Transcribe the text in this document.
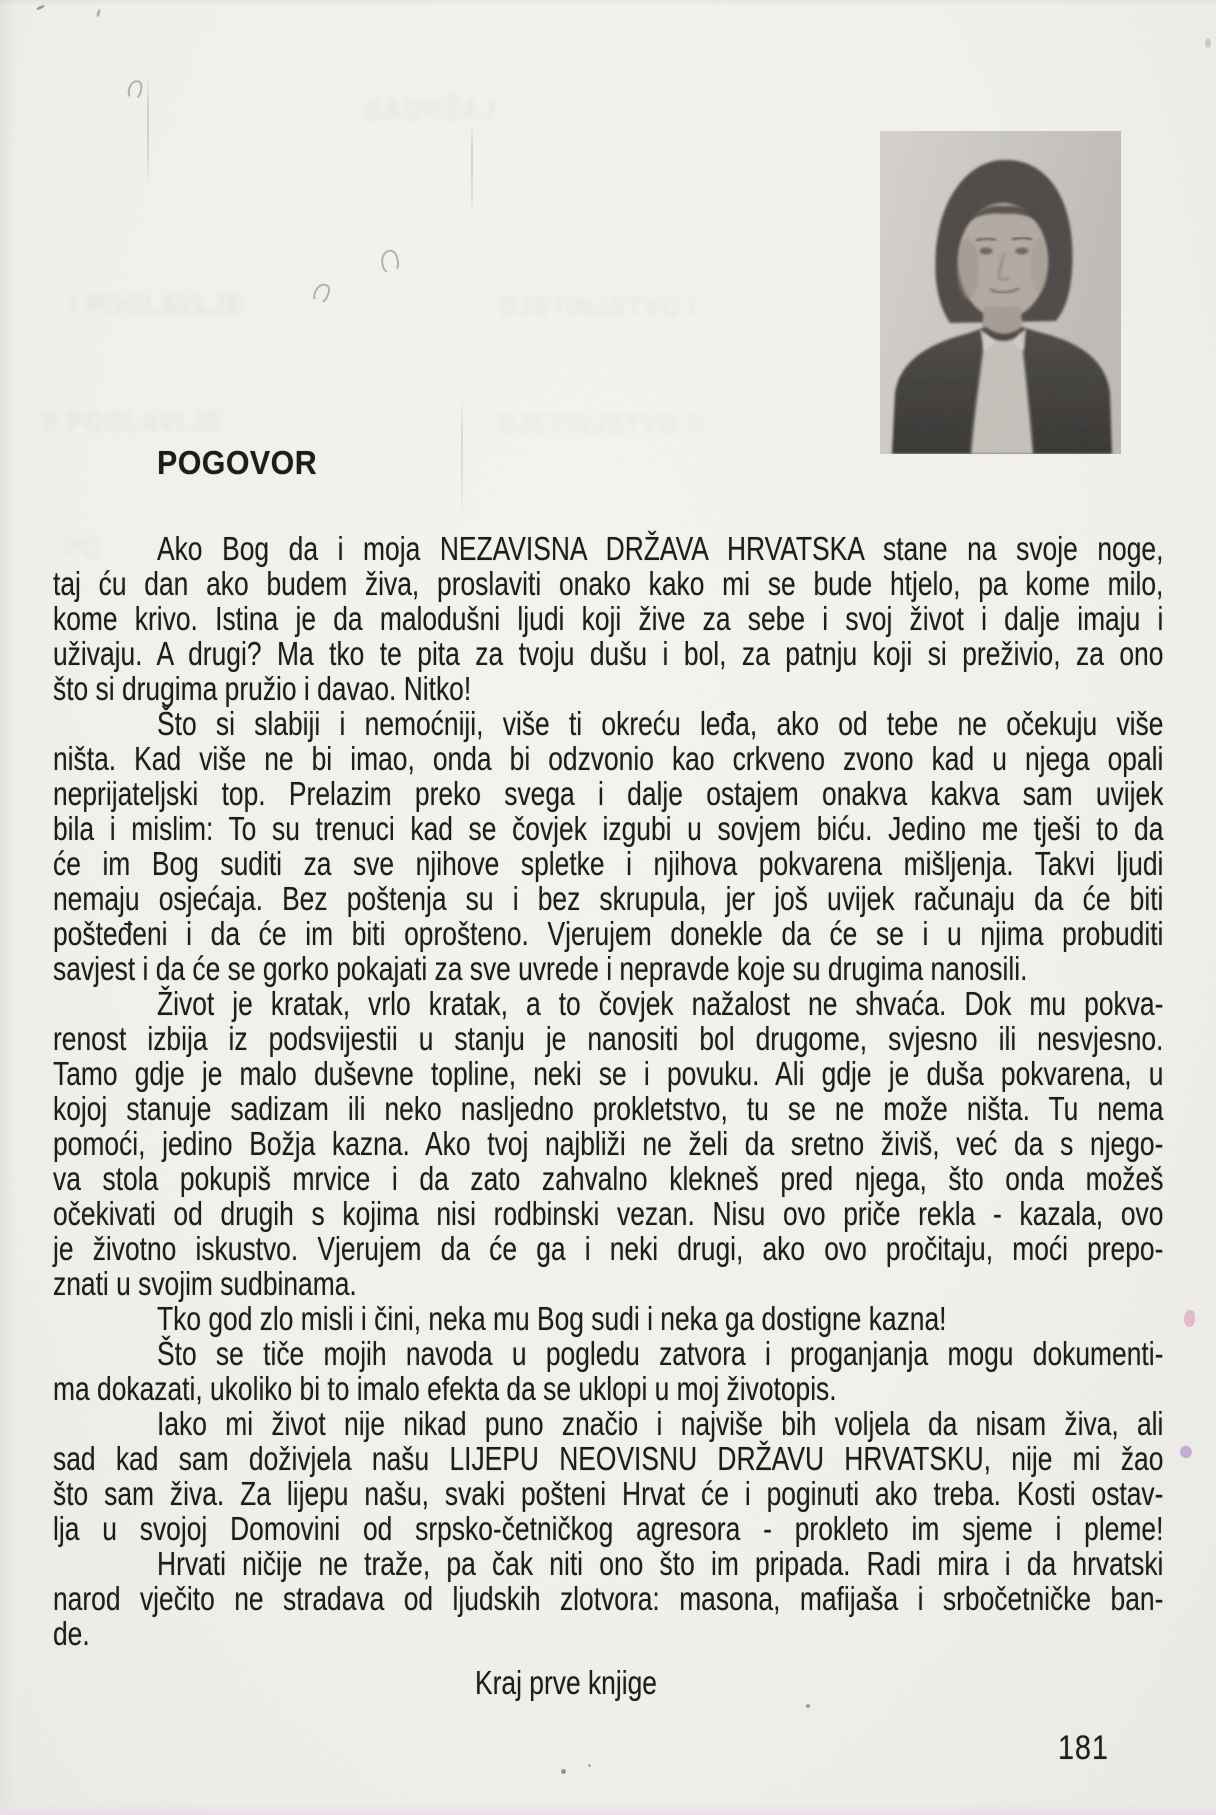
SADRŽAJ
I POGLAVLJE	DJETINJSTVO I
II POGLAVLJE	DJETINJSTVO II
PO
POGOVOR
Ako Bog da i moja NEZAVISNA DRŽAVA HRVATSKA stane na svoje noge,
taj ću dan ako budem živa, proslaviti onako kako mi se bude htjelo, pa kome milo,
kome krivo. Istina je da malodušni ljudi koji žive za sebe i svoj život i dalje imaju i
uživaju. A drugi? Ma tko te pita za tvoju dušu i bol, za patnju koji si preživio, za ono
što si drugima pružio i davao. Nitko!
Što si slabiji i nemoćniji, više ti okreću leđa, ako od tebe ne očekuju više
ništa. Kad više ne bi imao, onda bi odzvonio kao crkveno zvono kad u njega opali
neprijateljski top. Prelazim preko svega i dalje ostajem onakva kakva sam uvijek
bila i mislim: To su trenuci kad se čovjek izgubi u sovjem biću. Jedino me tješi to da
će im Bog suditi za sve njihove spletke i njihova pokvarena mišljenja. Takvi ljudi
nemaju osjećaja. Bez poštenja su i bez skrupula, jer još uvijek računaju da će biti
pošteđeni i da će im biti oprošteno. Vjerujem donekle da će se i u njima probuditi
savjest i da će se gorko pokajati za sve uvrede i nepravde koje su drugima nanosili.
Život je kratak, vrlo kratak, a to čovjek nažalost ne shvaća. Dok mu pokva-
renost izbija iz podsvijestii u stanju je nanositi bol drugome, svjesno ili nesvjesno.
Tamo gdje je malo duševne topline, neki se i povuku. Ali gdje je duša pokvarena, u
kojoj stanuje sadizam ili neko nasljedno prokletstvo, tu se ne može ništa. Tu nema
pomoći, jedino Božja kazna. Ako tvoj najbliži ne želi da sretno živiš, već da s njego-
va stola pokupiš mrvice i da zato zahvalno klekneš pred njega, što onda možeš
očekivati od drugih s kojima nisi rodbinski vezan. Nisu ovo priče rekla - kazala, ovo
je životno iskustvo. Vjerujem da će ga i neki drugi, ako ovo pročitaju, moći prepo-
znati u svojim sudbinama.
Tko god zlo misli i čini, neka mu Bog sudi i neka ga dostigne kazna!
Što se tiče mojih navoda u pogledu zatvora i proganjanja mogu dokumenti-
ma dokazati, ukoliko bi to imalo efekta da se uklopi u moj životopis.
Iako mi život nije nikad puno značio i najviše bih voljela da nisam živa, ali
sad kad sam doživjela našu LIJEPU NEOVISNU DRŽAVU HRVATSKU, nije mi žao
što sam živa. Za lijepu našu, svaki pošteni Hrvat će i poginuti ako treba. Kosti ostav-
lja u svojoj Domovini od srpsko-četničkog agresora - prokleto im sjeme i pleme!
Hrvati ničije ne traže, pa čak niti ono što im pripada. Radi mira i da hrvatski
narod vječito ne stradava od ljudskih zlotvora: masona, mafijaša i srbočetničke ban-
de.
Kraj prve knjige
181
